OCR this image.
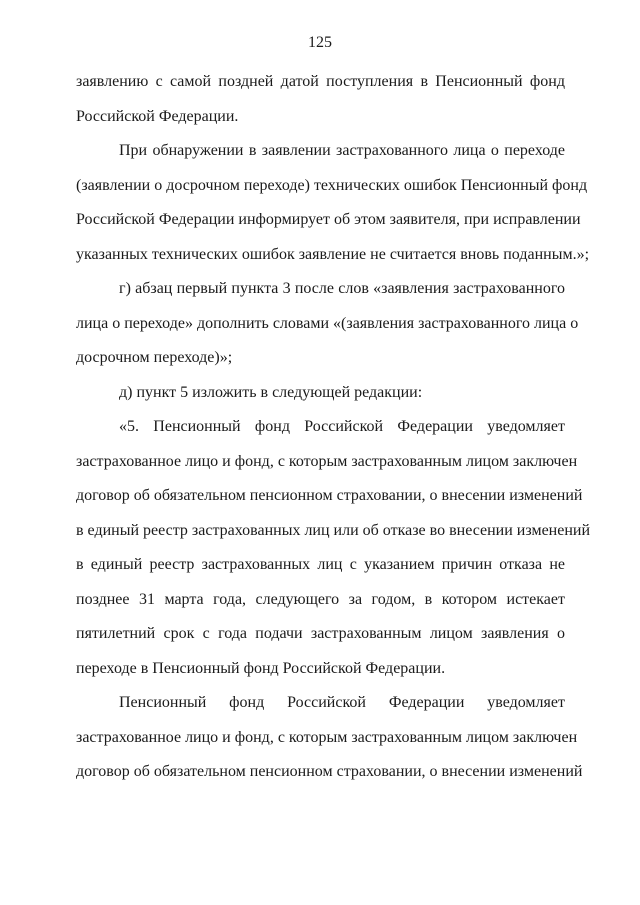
125
заявлению с самой поздней датой поступления в Пенсионный фонд
Российской Федерации.
При обнаружении в заявлении застрахованного лица о переходе
(заявлении о досрочном переходе) технических ошибок Пенсионный фонд
Российской Федерации информирует об этом заявителя, при исправлении
указанных технических ошибок заявление не считается вновь поданным.»;
г) абзац первый пункта 3 после слов «заявления застрахованного
лица о переходе» дополнить словами «(заявления застрахованного лица о
досрочном переходе)»;
д) пункт 5 изложить в следующей редакции:
«5. Пенсионный фонд Российской Федерации уведомляет
застрахованное лицо и фонд, с которым застрахованным лицом заключен
договор об обязательном пенсионном страховании, о внесении изменений
в единый реестр застрахованных лиц или об отказе во внесении изменений
в единый реестр застрахованных лиц с указанием причин отказа не
позднее 31 марта года, следующего за годом, в котором истекает
пятилетний срок с года подачи застрахованным лицом заявления о
переходе в Пенсионный фонд Российской Федерации.
Пенсионный фонд Российской Федерации уведомляет
застрахованное лицо и фонд, с которым застрахованным лицом заключен
договор об обязательном пенсионном страховании, о внесении изменений
